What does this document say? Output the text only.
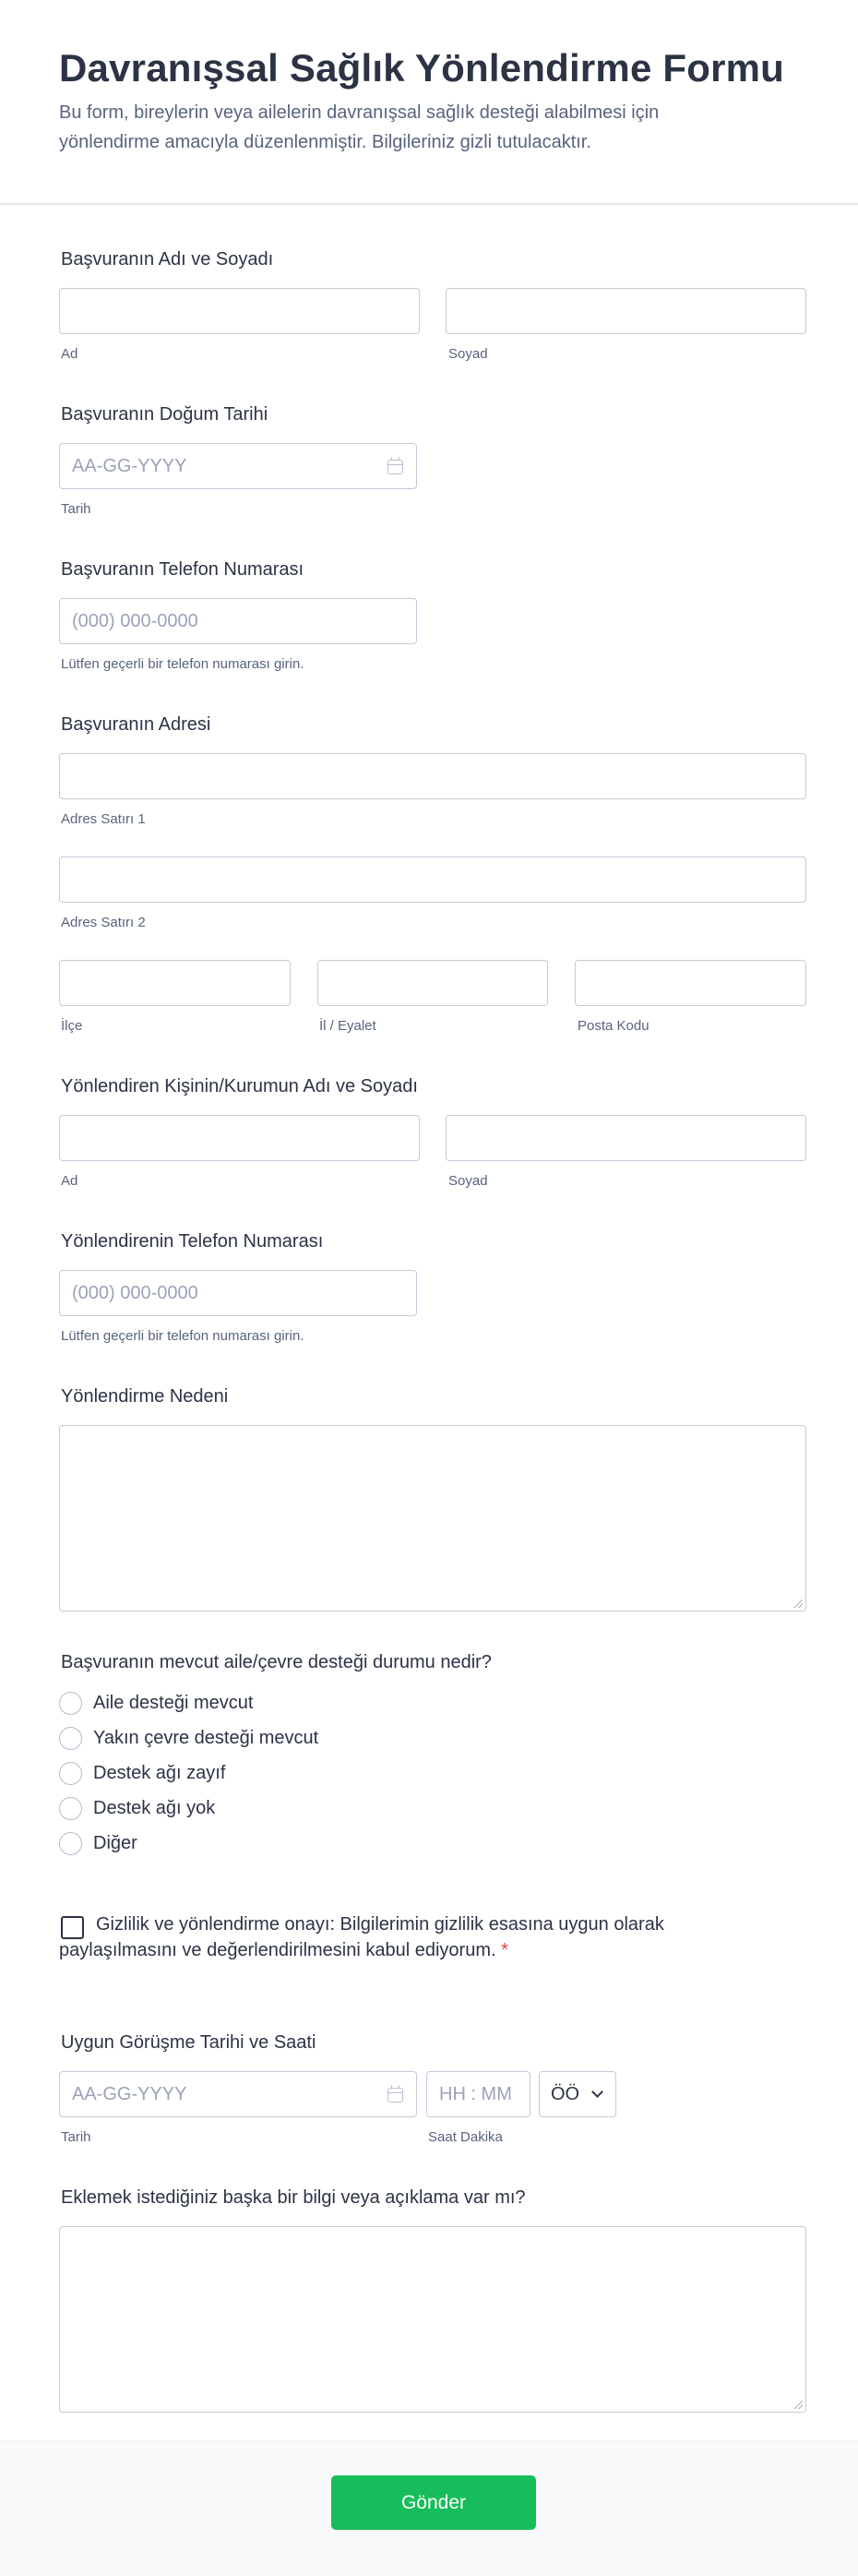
Davranışsal Sağlık Yönlendirme Formu

Bu form, bireylerin veya ailelerin davranışsal sağlık desteği alabilmesi için yönlendirme amacıyla düzenlenmiştir. Bilgileriniz gizli tutulacaktır.

Başvuranın Adı ve Soyadı
Ad	Soyad
Başvuranın Doğum Tarihi
AA-GG-YYYY
Tarih
Başvuranın Telefon Numarası
(000) 000-0000
Lütfen geçerli bir telefon numarası girin.
Başvuranın Adresi
Adres Satırı 1
Adres Satırı 2
İlçe	İl / Eyalet	Posta Kodu
Yönlendiren Kişinin/Kurumun Adı ve Soyadı
Ad	Soyad
Yönlendirenin Telefon Numarası
(000) 000-0000
Lütfen geçerli bir telefon numarası girin.
Yönlendirme Nedeni
Başvuranın mevcut aile/çevre desteği durumu nedir?
Aile desteği mevcut
Yakın çevre desteği mevcut
Destek ağı zayıf
Destek ağı yok
Diğer
Gizlilik ve yönlendirme onayı: Bilgilerimin gizlilik esasına uygun olarak paylaşılmasını ve değerlendirilmesini kabul ediyorum. *
Uygun Görüşme Tarihi ve Saati
AA-GG-YYYY	HH : MM ÖÖ
Tarih	Saat Dakika
Eklemek istediğiniz başka bir bilgi veya açıklama var mı?
Gönder
